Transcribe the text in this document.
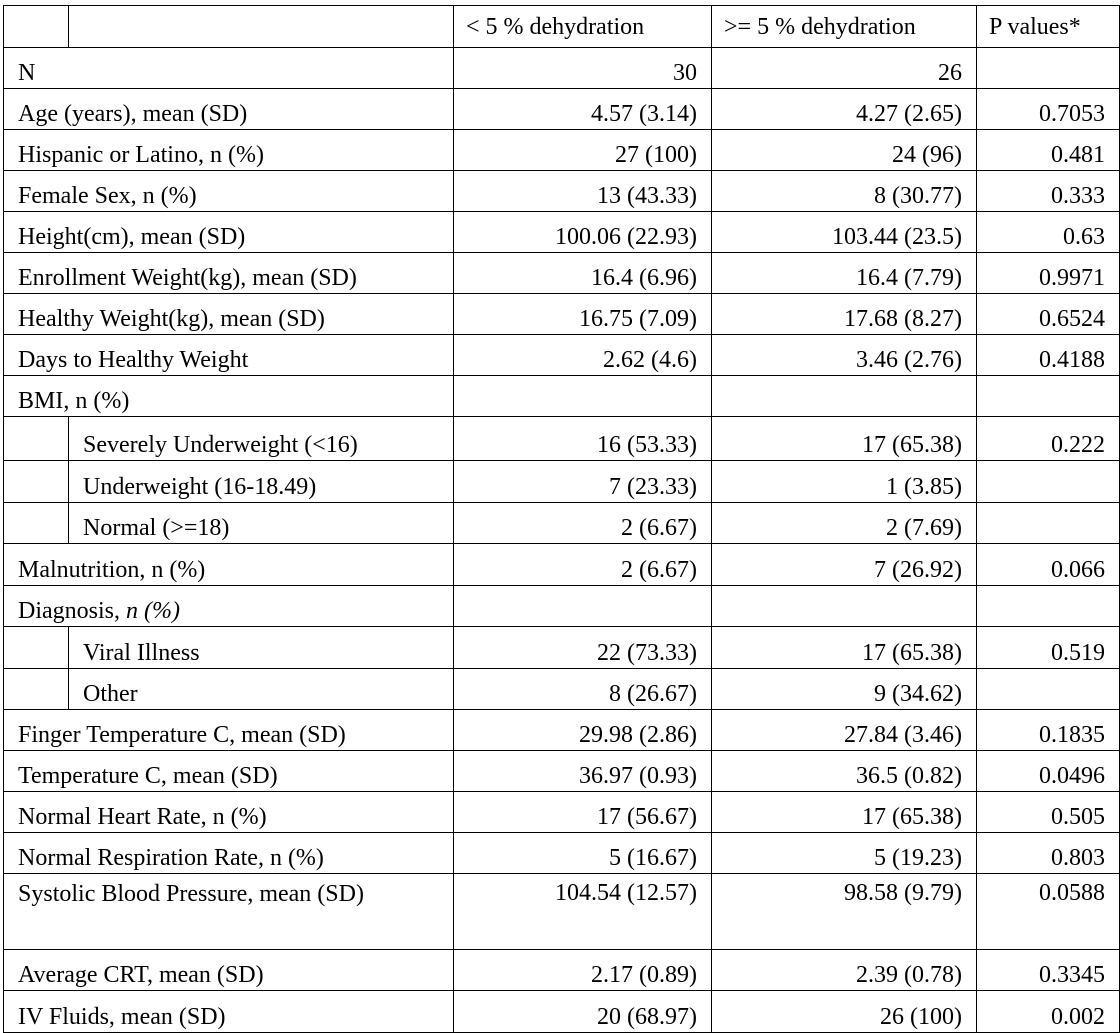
		< 5 % dehydration	>= 5 % dehydration	P values*
N		30	26	
Age (years), mean (SD)		4.57 (3.14)	4.27 (2.65)	0.7053
Hispanic or Latino, n (%)		27 (100)	24 (96)	0.481
Female Sex, n (%)		13 (43.33)	8 (30.77)	0.333
Height(cm), mean (SD)		100.06 (22.93)	103.44 (23.5)	0.63
Enrollment Weight(kg), mean (SD)		16.4 (6.96)	16.4 (7.79)	0.9971
Healthy Weight(kg), mean (SD)		16.75 (7.09)	17.68 (8.27)	0.6524
Days to Healthy Weight		2.62 (4.6)	3.46 (2.76)	0.4188
BMI, n (%)				
	Severely Underweight (<16)	16 (53.33)	17 (65.38)	0.222
	Underweight (16-18.49)	7 (23.33)	1 (3.85)	
	Normal (>=18)	2 (6.67)	2 (7.69)	
Malnutrition, n (%)		2 (6.67)	7 (26.92)	0.066
Diagnosis, n (%)				
	Viral Illness	22 (73.33)	17 (65.38)	0.519
	Other	8 (26.67)	9 (34.62)	
Finger Temperature C, mean (SD)		29.98 (2.86)	27.84 (3.46)	0.1835
Temperature C, mean (SD)		36.97 (0.93)	36.5 (0.82)	0.0496
Normal Heart Rate, n (%)		17 (56.67)	17 (65.38)	0.505
Normal Respiration Rate, n (%)		5 (16.67)	5 (19.23)	0.803
Systolic Blood Pressure, mean (SD)		104.54 (12.57)	98.58 (9.79)	0.0588
Average CRT, mean (SD)		2.17 (0.89)	2.39 (0.78)	0.3345
IV Fluids, mean (SD)		20 (68.97)	26 (100)	0.002
